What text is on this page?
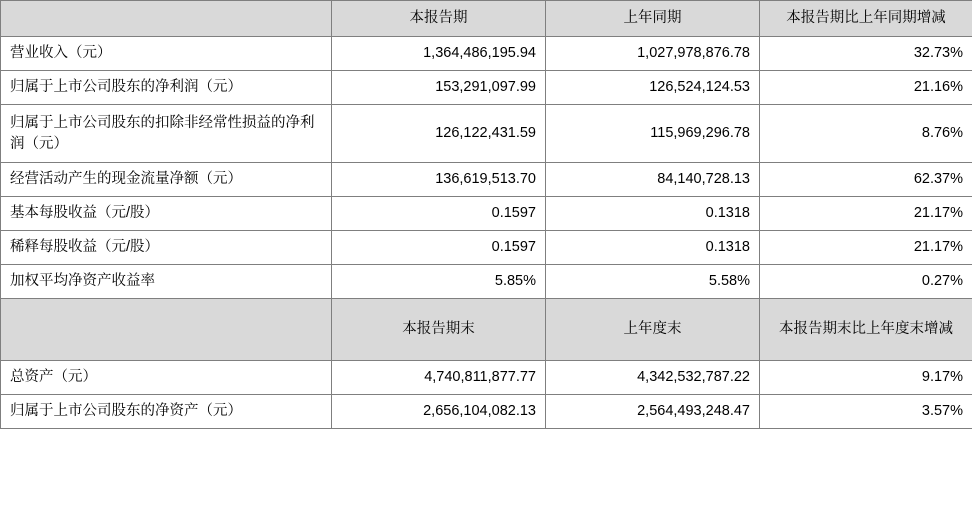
	本报告期	上年同期	本报告期比上年同期增减
营业收入（元）	1,364,486,195.94	1,027,978,876.78	32.73%
归属于上市公司股东的净利润（元）	153,291,097.99	126,524,124.53	21.16%
归属于上市公司股东的扣除非经常性损益的净利润（元）	126,122,431.59	115,969,296.78	8.76%
经营活动产生的现金流量净额（元）	136,619,513.70	84,140,728.13	62.37%
基本每股收益（元/股）	0.1597	0.1318	21.17%
稀释每股收益（元/股）	0.1597	0.1318	21.17%
加权平均净资产收益率	5.85%	5.58%	0.27%
	本报告期末	上年度末	本报告期末比上年度末增减
总资产（元）	4,740,811,877.77	4,342,532,787.22	9.17%
归属于上市公司股东的净资产（元）	2,656,104,082.13	2,564,493,248.47	3.57%
